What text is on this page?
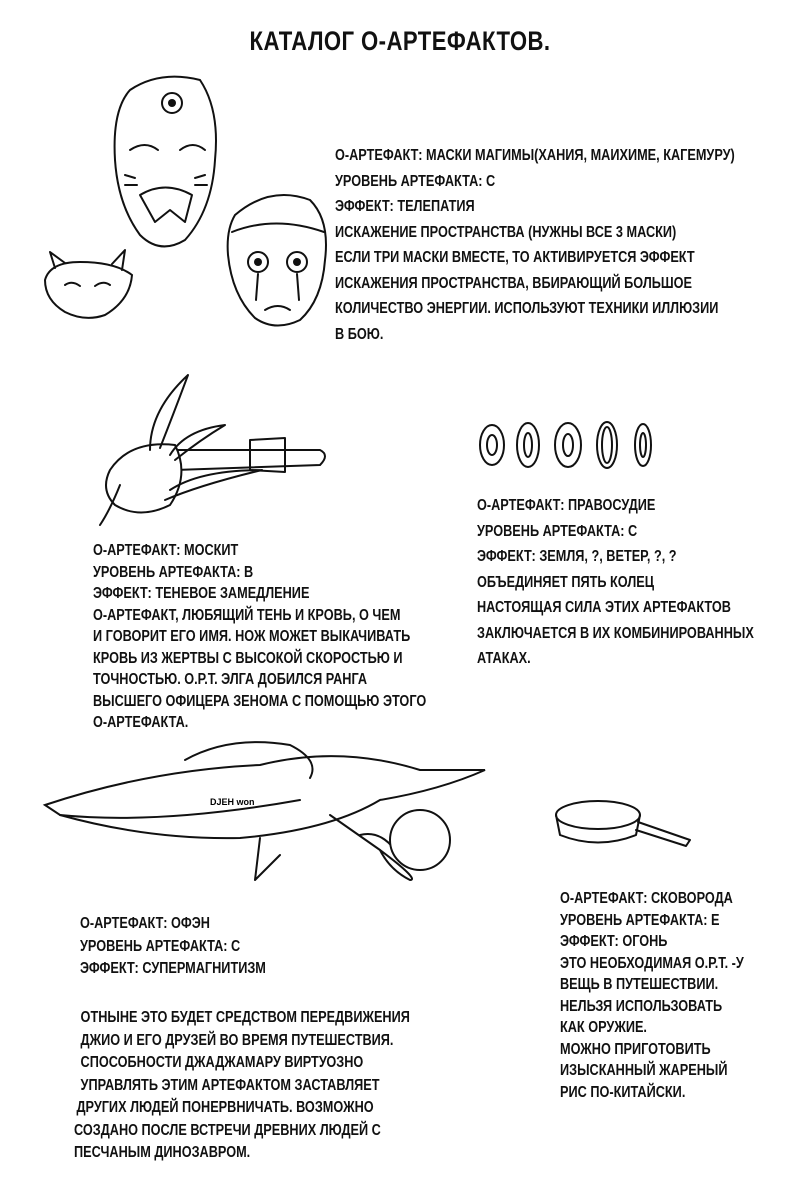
КАТАЛОГ О-АРТЕФАКТОВ.
DJEH won
О-АРТЕФАКТ: МАСКИ МАГИМЫ(ХАНИЯ, МАИХИМЕ, КАГЕМУРУ)
УРОВЕНЬ АРТЕФАКТА: С
ЭФФЕКТ: ТЕЛЕПАТИЯ
ИСКАЖЕНИЕ ПРОСТРАНСТВА (НУЖНЫ ВСЕ 3 МАСКИ)
ЕСЛИ ТРИ МАСКИ ВМЕСТЕ, ТО АКТИВИРУЕТСЯ ЭФФЕКТ
ИСКАЖЕНИЯ ПРОСТРАНСТВА, ВБИРАЮЩИЙ БОЛЬШОЕ
КОЛИЧЕСТВО ЭНЕРГИИ. ИСПОЛЬЗУЮТ ТЕХНИКИ ИЛЛЮЗИИ
В БОЮ.
О-АРТЕФАКТ: МОСКИТ
УРОВЕНЬ АРТЕФАКТА: В
ЭФФЕКТ: ТЕНЕВОЕ ЗАМЕДЛЕНИЕ
О-АРТЕФАКТ, ЛЮБЯЩИЙ ТЕНЬ И КРОВЬ, О ЧЕМ
И ГОВОРИТ ЕГО ИМЯ. НОЖ МОЖЕТ ВЫКАЧИВАТЬ
КРОВЬ ИЗ ЖЕРТВЫ С ВЫСОКОЙ СКОРОСТЬЮ И
ТОЧНОСТЬЮ. О.Р.Т. ЭЛГА ДОБИЛСЯ РАНГА
ВЫСШЕГО ОФИЦЕРА ЗЕНОМА С ПОМОЩЬЮ ЭТОГО
О-АРТЕФАКТА.
О-АРТЕФАКТ: ПРАВОСУДИЕ
УРОВЕНЬ АРТЕФАКТА: С
ЭФФЕКТ: ЗЕМЛЯ, ?, ВЕТЕР, ?, ?
ОБЪЕДИНЯЕТ ПЯТЬ КОЛЕЦ
НАСТОЯЩАЯ СИЛА ЭТИХ АРТЕФАКТОВ
ЗАКЛЮЧАЕТСЯ В ИХ КОМБИНИРОВАННЫХ
АТАКАХ.
О-АРТЕФАКТ: ОФЭН
УРОВЕНЬ АРТЕФАКТА: С
ЭФФЕКТ: СУПЕРМАГНИТИЗМ
ОТНЫНЕ ЭТО БУДЕТ СРЕДСТВОМ ПЕРЕДВИЖЕНИЯ
ДЖИО И ЕГО ДРУЗЕЙ ВО ВРЕМЯ ПУТЕШЕСТВИЯ.
СПОСОБНОСТИ ДЖАДЖАМАРУ ВИРТУОЗНО
УПРАВЛЯТЬ ЭТИМ АРТЕФАКТОМ ЗАСТАВЛЯЕТ
ДРУГИХ ЛЮДЕЙ ПОНЕРВНИЧАТЬ. ВОЗМОЖНО
СОЗДАНО ПОСЛЕ ВСТРЕЧИ ДРЕВНИХ ЛЮДЕЙ С
ПЕСЧАНЫМ ДИНОЗАВРОМ.
О-АРТЕФАКТ: СКОВОРОДА
УРОВЕНЬ АРТЕФАКТА: Е
ЭФФЕКТ: ОГОНЬ
ЭТО НЕОБХОДИМАЯ О.Р.Т. -У
ВЕЩЬ В ПУТЕШЕСТВИИ.
НЕЛЬЗЯ ИСПОЛЬЗОВАТЬ
КАК ОРУЖИЕ.
МОЖНО ПРИГОТОВИТЬ
ИЗЫСКАННЫЙ ЖАРЕНЫЙ
РИС ПО-КИТАЙСКИ.
